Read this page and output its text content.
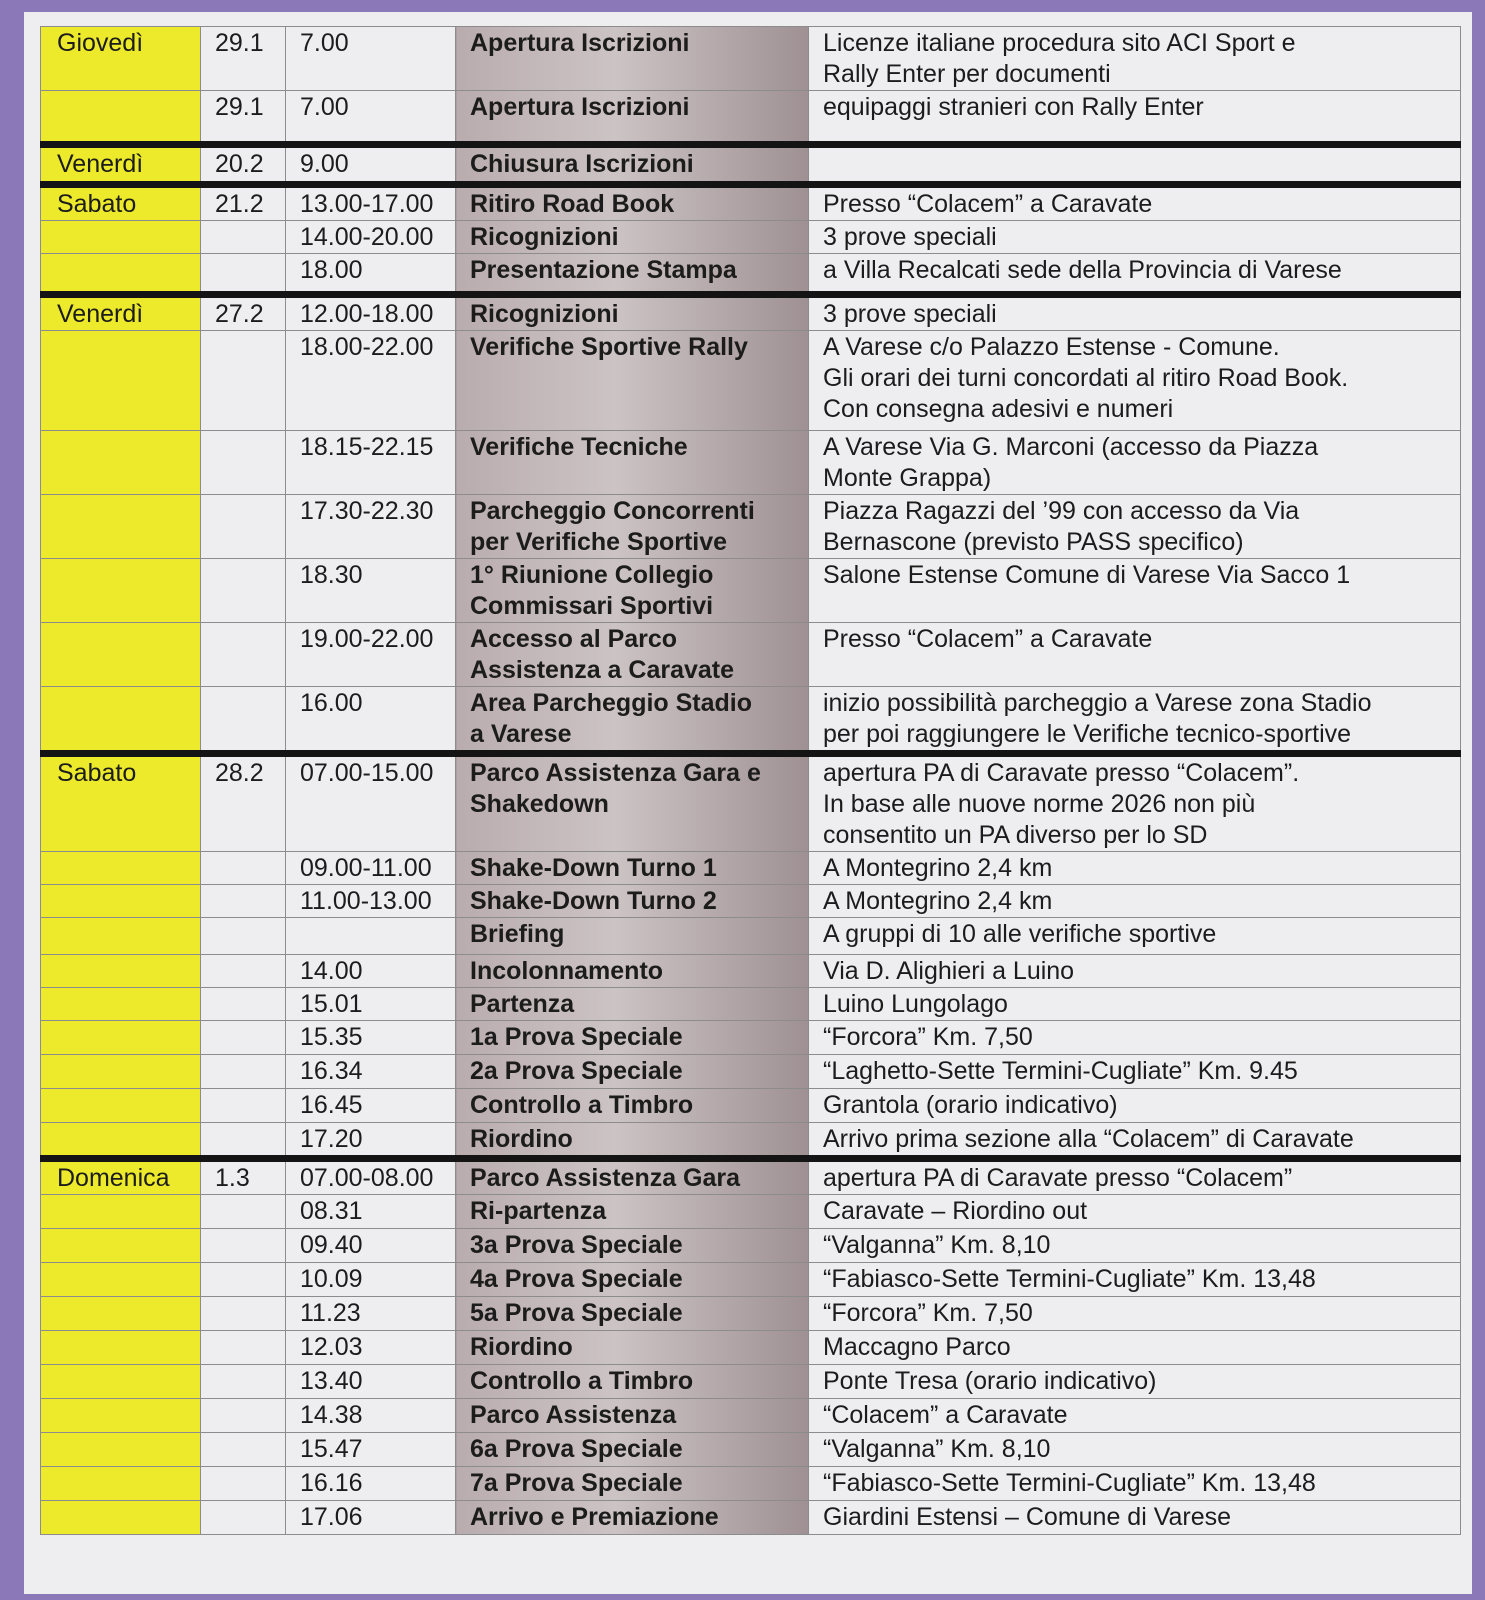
Giovedì	29.1	7.00	Apertura Iscrizioni	Licenze italiane procedura sito ACI Sport e
Rally Enter per documenti
	29.1	7.00	Apertura Iscrizioni	equipaggi stranieri con Rally Enter
Venerdì	20.2	9.00	Chiusura Iscrizioni	
Sabato	21.2	13.00-17.00	Ritiro Road Book	Presso “Colacem” a Caravate
		14.00-20.00	Ricognizioni	3 prove speciali
		18.00	Presentazione Stampa	a Villa Recalcati sede della Provincia di Varese
Venerdì	27.2	12.00-18.00	Ricognizioni	3 prove speciali
		18.00-22.00	Verifiche Sportive Rally	A Varese c/o Palazzo Estense - Comune.
Gli orari dei turni concordati al ritiro Road Book.
Con consegna adesivi e numeri
		18.15-22.15	Verifiche Tecniche	A Varese Via G. Marconi (accesso da Piazza
Monte Grappa)
		17.30-22.30	Parcheggio Concorrenti
per Verifiche Sportive	Piazza Ragazzi del ’99 con accesso da Via
Bernascone (previsto PASS specifico)
		18.30	1° Riunione Collegio
Commissari Sportivi	Salone Estense Comune di Varese Via Sacco 1
		19.00-22.00	Accesso al Parco
Assistenza a Caravate	Presso “Colacem” a Caravate
		16.00	Area Parcheggio Stadio
a Varese	inizio possibilità parcheggio a Varese zona Stadio
per poi raggiungere le Verifiche tecnico-sportive
Sabato	28.2	07.00-15.00	Parco Assistenza Gara e
Shakedown	apertura PA di Caravate presso “Colacem”.
In base alle nuove norme 2026 non più
consentito un PA diverso per lo SD
		09.00-11.00	Shake-Down Turno 1	A Montegrino 2,4 km
		11.00-13.00	Shake-Down Turno 2	A Montegrino 2,4 km
			Briefing	A gruppi di 10 alle verifiche sportive
		14.00	Incolonnamento	Via D. Alighieri a Luino
		15.01	Partenza	Luino Lungolago
		15.35	1a Prova Speciale	“Forcora” Km. 7,50
		16.34	2a Prova Speciale	“Laghetto-Sette Termini-Cugliate” Km. 9.45
		16.45	Controllo a Timbro	Grantola (orario indicativo)
		17.20	Riordino	Arrivo prima sezione alla “Colacem” di Caravate
Domenica	1.3	07.00-08.00	Parco Assistenza Gara	apertura PA di Caravate presso “Colacem”
		08.31	Ri-partenza	Caravate – Riordino out
		09.40	3a Prova Speciale	“Valganna” Km. 8,10
		10.09	4a Prova Speciale	“Fabiasco-Sette Termini-Cugliate” Km. 13,48
		11.23	5a Prova Speciale	“Forcora” Km. 7,50
		12.03	Riordino	Maccagno Parco
		13.40	Controllo a Timbro	Ponte Tresa (orario indicativo)
		14.38	Parco Assistenza	“Colacem” a Caravate
		15.47	6a Prova Speciale	“Valganna” Km. 8,10
		16.16	7a Prova Speciale	“Fabiasco-Sette Termini-Cugliate” Km. 13,48
		17.06	Arrivo e Premiazione	Giardini Estensi – Comune di Varese
